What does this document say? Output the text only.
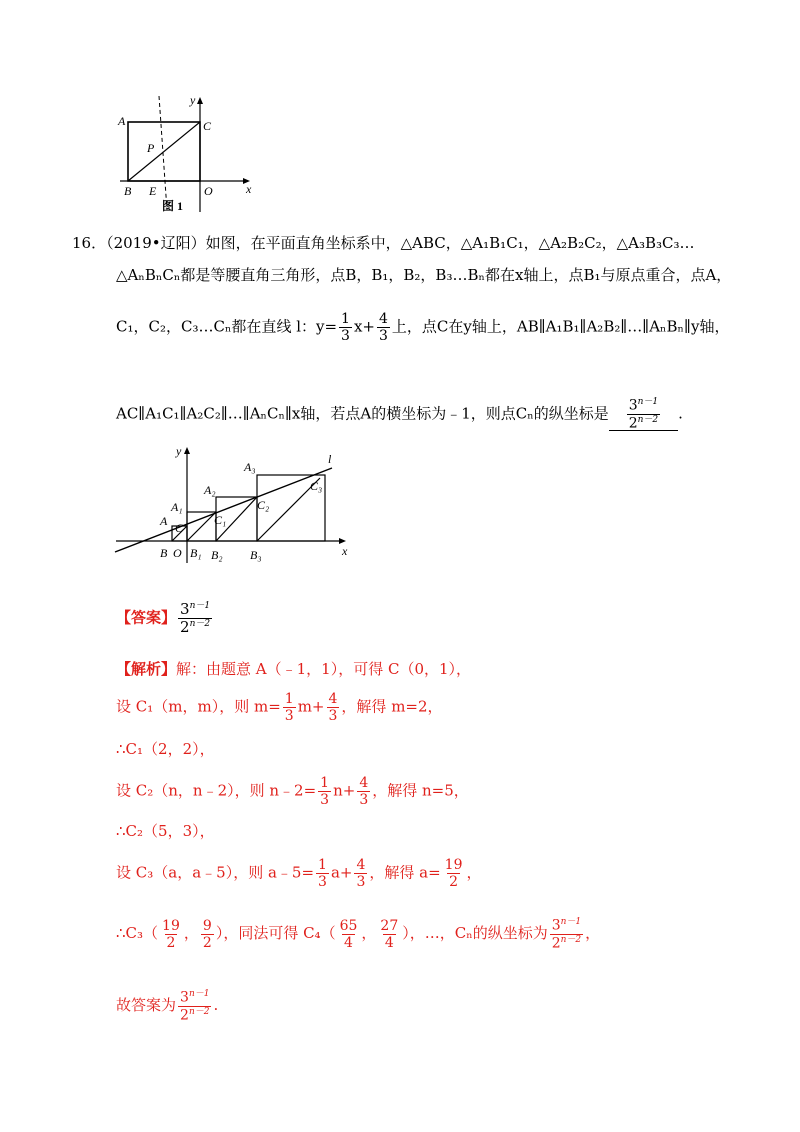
A	C
P
B E	O	x
y
图 1
16．（2019•辽阳）如图，在平面直角坐标系中，△ABC，△A₁B₁C₁，△A₂B₂C₂，△A₃B₃C₃…
△AₙBₙCₙ都是等腰直角三角形，点B，B₁，B₂，B₃…Bₙ都在x轴上，点B₁与原点重合，点A，
C₁，C₂，C₃…Cₙ都在直线 l：$y= \frac{1}{3} x+ \frac{4}{3}$ 上，点C在y轴上，AB∥A₁B₁∥A₂B₂∥…∥AₙBₙ∥y轴，
AC∥A₁C₁∥A₂C₂∥…∥AₙCₙ∥x轴，若点A的横坐标为﹣1，则点Cₙ的纵坐标是 $\frac{3^{n-1}}{2^{n-2}}$ .
y
x
l
A
A₁
A₂
A₃
B O B₁ B₂ B₃
C
C₁
C₂
C₃
【答案】 $\frac{3^{n-1}}{2^{n-2}}$
【解析】解：由题意 A（﹣1，1），可得 C（0，1），
设 C₁（m，m），则 $m= \frac{1}{3} m+ \frac{4}{3}$ ，解得 m=2，
∴C₁（2，2），
设 C₂（n，n﹣2），则 n﹣2= $\frac{1}{3} n+ \frac{4}{3}$ ，解得 n=5，
∴C₂（5，3），
设 C₃（a，a﹣5），则 a﹣5= $\frac{1}{3} a+ \frac{4}{3}$ ，解得 $a= \frac{19}{2}$ ，
∴C₃（ $\frac{19}{2}$ ， $\frac{9}{2}$ ），同法可得 $C_4( \frac{65}{4}$ ， $\frac{27}{4}$ ），…，Cₙ的纵坐标为 $\frac{3^{n-1}}{2^{n-2}}$ ，
故答案为 $\frac{3^{n-1}}{2^{n-2}}$ .
